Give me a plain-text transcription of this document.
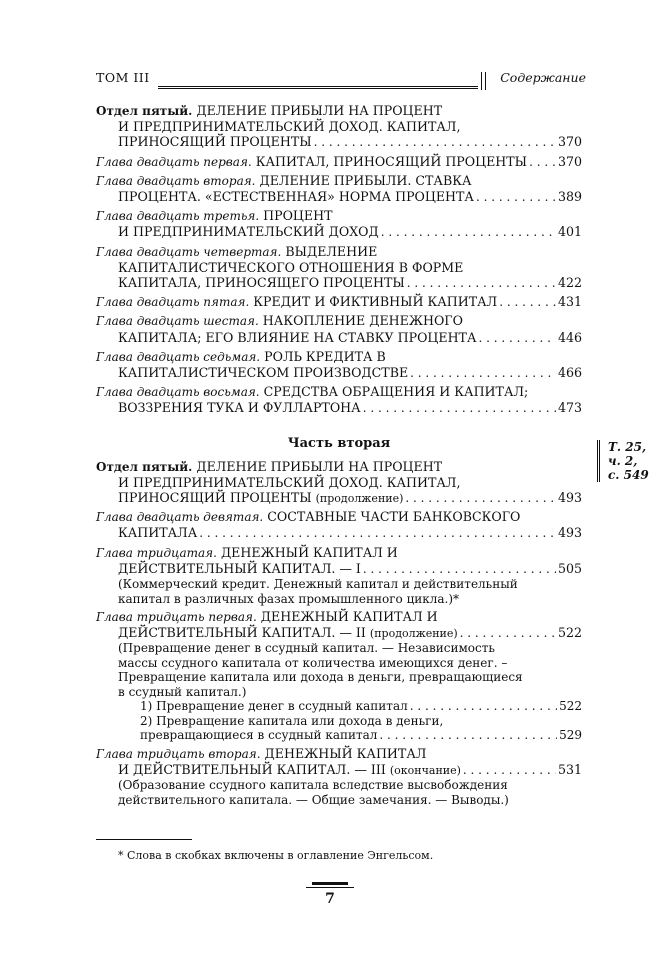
ТОМ III	Содержание
Отдел пятый. ДЕЛЕНИЕ ПРИБЫЛИ НА ПРОЦЕНТ
И ПРЕДПРИНИМАТЕЛЬСКИЙ ДОХОД. КАПИТАЛ,
ПРИНОСЯЩИЙ ПРОЦЕНТЫ . . .	370
Глава двадцать первая. КАПИТАЛ, ПРИНОСЯЩИЙ ПРОЦЕНТЫ . . . 370
Глава двадцать вторая. ДЕЛЕНИЕ ПРИБЫЛИ. СТАВКА
ПРОЦЕНТА. «ЕСТЕСТВЕННАЯ» НОРМА ПРОЦЕНТА . . .	389
Глава двадцать третья. ПРОЦЕНТ
И ПРЕДПРИНИМАТЕЛЬСКИЙ ДОХОД . . .	401
Глава двадцать четвертая. ВЫДЕЛЕНИЕ
КАПИТАЛИСТИЧЕСКОГО ОТНОШЕНИЯ В ФОРМЕ
КАПИТАЛА, ПРИНОСЯЩЕГО ПРОЦЕНТЫ . . .	422
Глава двадцать пятая. КРЕДИТ И ФИКТИВНЫЙ КАПИТАЛ . . .	431
Глава двадцать шестая. НАКОПЛЕНИЕ ДЕНЕЖНОГО
КАПИТАЛА; ЕГО ВЛИЯНИЕ НА СТАВКУ ПРОЦЕНТА . . .	446
Глава двадцать седьмая. РОЛЬ КРЕДИТА В
КАПИТАЛИСТИЧЕСКОМ ПРОИЗВОДСТВЕ . . .	466
Глава двадцать восьмая. СРЕДСТВА ОБРАЩЕНИЯ И КАПИТАЛ;
ВОЗЗРЕНИЯ ТУКА И ФУЛЛАРТОНА . . .	473
Часть вторая
Отдел пятый. ДЕЛЕНИЕ ПРИБЫЛИ НА ПРОЦЕНТ
И ПРЕДПРИНИМАТЕЛЬСКИЙ ДОХОД. КАПИТАЛ,
ПРИНОСЯЩИЙ ПРОЦЕНТЫ (продолжение) . . .	493
Глава двадцать девятая. СОСТАВНЫЕ ЧАСТИ БАНКОВСКОГО
КАПИТАЛА . . .	493
Глава тридцатая. ДЕНЕЖНЫЙ КАПИТАЛ И
ДЕЙСТВИТЕЛЬНЫЙ КАПИТАЛ. — I . . .	505
(Коммерческий кредит. Денежный капитал и действительный
капитал в различных фазах промышленного цикла.)*
Глава тридцать первая. ДЕНЕЖНЫЙ КАПИТАЛ И
ДЕЙСТВИТЕЛЬНЫЙ КАПИТАЛ. — II (продолжение) . . .	522
(Превращение денег в ссудный капитал. — Независимость
массы ссудного капитала от количества имеющихся денег. –
Превращение капитала или дохода в деньги, превращающиеся
в ссудный капитал.)
1) Превращение денег в ссудный капитал . . .	522
2) Превращение капитала или дохода в деньги,
превращающиеся в ссудный капитал . . .	529
Глава тридцать вторая. ДЕНЕЖНЫЙ КАПИТАЛ
И ДЕЙСТВИТЕЛЬНЫЙ КАПИТАЛ. — III (окончание) . . .	531
(Образование ссудного капитала вследствие высвобождения
действительного капитала. — Общие замечания. — Выводы.)
Т. 25,
ч. 2,
с. 549
* Слова в скобках включены в оглавление Энгельсом.
7
